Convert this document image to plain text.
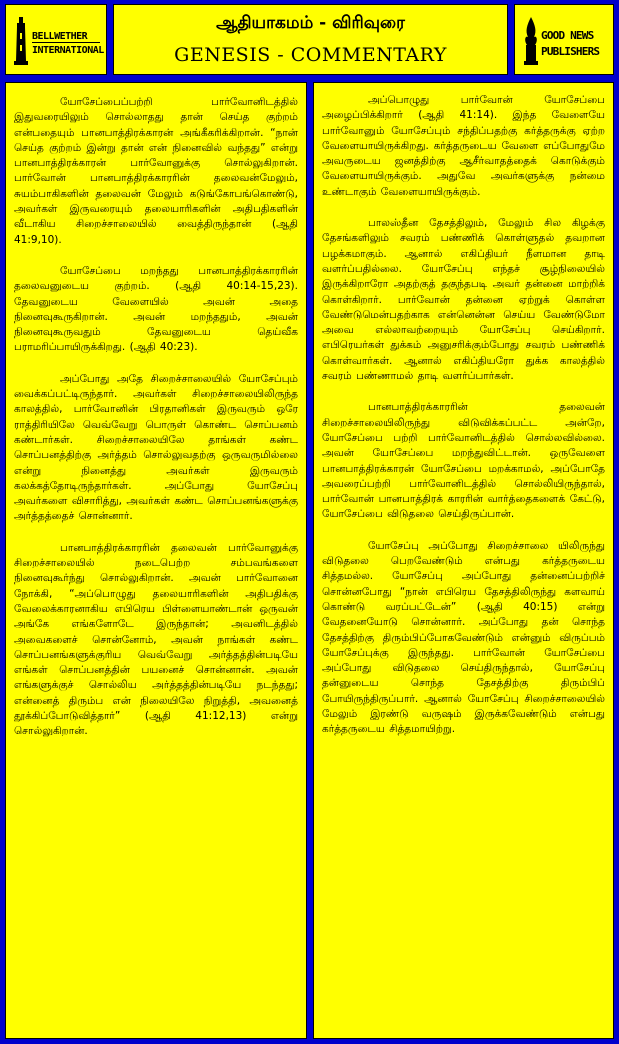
BELLWETHER
INTERNATIONAL
ஆதியாகமம் - விரிவுரை
GENESIS - COMMENTARY
GOOD NEWS
PUBLISHERS

யோசேப்பைப்பற்றி பார்வோனிடத்தில் இதுவரையிலும் சொல்லாதது தான் செய்த குற்றம் என்பதையும் பானபாத்திரக்காரன் அங்கீகரிக்கிறான். “நான் செய்த குற்றம் இன்று தான் என் நினைவில் வந்தது” என்று பானபாத்திரக்காரன் பார்வோனுக்கு சொல்லுகிறான். பார்வோன் பானபாத்திரக்காரரின் தலைவன்மேலும், சுயம்பாகிகளின் தலைவன் மேலும் கடுங்கோபங்கொண்டு, அவர்கள் இருவரையும் தலையாரிகளின் அதிபதிகளின் வீடாகிய சிறைச்சாலையில் வைத்திருந்தான் (ஆதி 41:9,10).

யோசேப்பை மறந்தது பானபாத்திரக்காரரின் தலைவனுடைய குற்றம். (ஆதி 40:14-15,23). தேவனுடைய வேளையில் அவன் அதை நினைவுகூருகிறான். அவன் மறந்ததும், அவன் நினைவுகூருவதும் தேவனுடைய தெய்வீக பராமரிப்பாயிருக்கிறது. (ஆதி 40:23).

அப்போது அதே சிறைச்சாலையில் யோசேப்பும் வைக்கப்பட்டிருந்தார். அவர்கள் சிறைச்சாலையிலிருந்த காலத்தில், பார்வோனின் பிரதானிகள் இருவரும் ஒரே ராத்திரியிலே வெவ்வேறு பொருள் கொண்ட சொப்பனம் கண்டார்கள். சிறைச்சாலையிலே தாங்கள் கண்ட சொப்பனத்திற்கு அர்த்தம் சொல்லுவதற்கு ஒருவருமில்லை என்று நினைத்து அவர்கள் இருவரும் கலக்கத்தோடிருந்தார்கள். அப்போது யோசேப்பு அவர்களை விசாரித்து, அவர்கள் கண்ட சொப்பனங்களுக்கு அர்த்தத்தைச் சொன்னார்.

பானபாத்திரக்காரரின் தலைவன் பார்வோனுக்கு சிறைச்சாலையில் நடைபெற்ற சம்பவங்களை நினைவுகூர்ந்து சொல்லுகிறான். அவன் பார்வோனை நோக்கி, “அப்பொழுது தலையாரிகளின் அதிபதிக்கு வேலைக்காரனாகிய எபிரெய பிள்ளையாண்டான் ஒருவன் அங்கே எங்களோடே இருந்தான்; அவனிடத்தில் அவைகளைச் சொன்னோம், அவன் நாங்கள் கண்ட சொப்பனங்களுக்குரிய வெவ்வேறு அர்த்தத்தின்படியே எங்கள் சொப்பனத்தின் பயனைச் சொன்னான். அவன் எங்களுக்குச் சொல்லிய அர்த்தத்தின்படியே நடந்தது; என்னைத் திரும்ப என் நிலையிலே நிறுத்தி, அவனைத் தூக்கிப்போடுவித்தார்” (ஆதி 41:12,13) என்று சொல்லுகிறான்.

அப்பொழுது பார்வோன் யோசேப்பை அழைப்பிக்கிறார் (ஆதி 41:14). இந்த வேளையே பார்வோனும் யோசேப்பும் சந்திப்பதற்கு கர்த்தருக்கு ஏற்ற வேளையாயிருக்கிறது. கர்த்தருடைய வேளை எப்போதுமே அவருடைய ஜனத்திற்கு ஆசீர்வாதத்தைக் கொடுக்கும் வேளையாயிருக்கும். அதுவே அவர்களுக்கு நன்மை உண்டாகும் வேளையாயிருக்கும்.

பாலஸ்தீன தேசத்திலும், மேலும் சில கிழக்கு தேசங்களிலும் சவரம் பண்ணிக் கொள்ளுதல் தவறான பழக்கமாகும். ஆனால் எகிப்தியர் நீளமான தாடி வளர்ப்பதில்லை. யோசேப்பு எந்தச் சூழ்நிலையில் இருக்கிறாரோ அதற்குத் தகுந்தபடி அவர் தன்னை மாற்றிக் கொள்கிறார். பார்வோன் தன்னை ஏற்றுக் கொள்ள வேண்டுமென்பதற்காக என்னென்ன செய்ய வேண்டுமோ அவை எல்லாவற்றையும் யோசேப்பு செய்கிறார். எபிரெயர்கள் துக்கம் அனுசரிக்கும்போது சவரம் பண்ணிக் கொள்வார்கள். ஆனால் எகிப்தியரோ துக்க காலத்தில் சவரம் பண்ணாமல் தாடி வளர்ப்பார்கள்.

பானபாத்திரக்காரரின் தலைவன் சிறைச்சாலையிலிருந்து விடுவிக்கப்பட்ட அன்றே, யோசேப்பை பற்றி பார்வோனிடத்தில் சொல்லவில்லை. அவன் யோசேப்பை மறந்துவிட்டான். ஒருவேளை பானபாத்திரக்காரன் யோசேப்பை மறக்காமல், அப்போதே அவரைப்பற்றி பார்வோனிடத்தில் சொல்லியிருந்தால், பார்வோன் பானபாத்திரக் காரரின் வார்த்தைகளைக் கேட்டு, யோசேப்பை விடுதலை செய்திருப்பான்.

யோசேப்பு அப்போது சிறைச்சாலை யிலிருந்து விடுதலை பெறவேண்டும் என்பது கர்த்தருடைய சித்தமல்ல. யோசேப்பு அப்போது தன்னைப்பற்றிச் சொன்னபோது “நான் எபிரெய தேசத்திலிருந்து களவாய் கொண்டு வரப்பட்டேன்” (ஆதி 40:15) என்று வேதனையோடு சொன்னார். அப்போது தன் சொந்த தேசத்திற்கு திரும்பிப்போகவேண்டும் என்னும் விருப்பம் யோசேப்புக்கு இருந்தது. பார்வோன் யோசேப்பை அப்போது விடுதலை செய்திருந்தால், யோசேப்பு தன்னுடைய சொந்த தேசத்திற்கு திரும்பிப் போயிருந்திருப்பார். ஆனால் யோசேப்பு சிறைச்சாலையில் மேலும் இரண்டு வருஷம் இருக்கவேண்டும் என்பது கர்த்தருடைய சித்தமாயிற்று.
